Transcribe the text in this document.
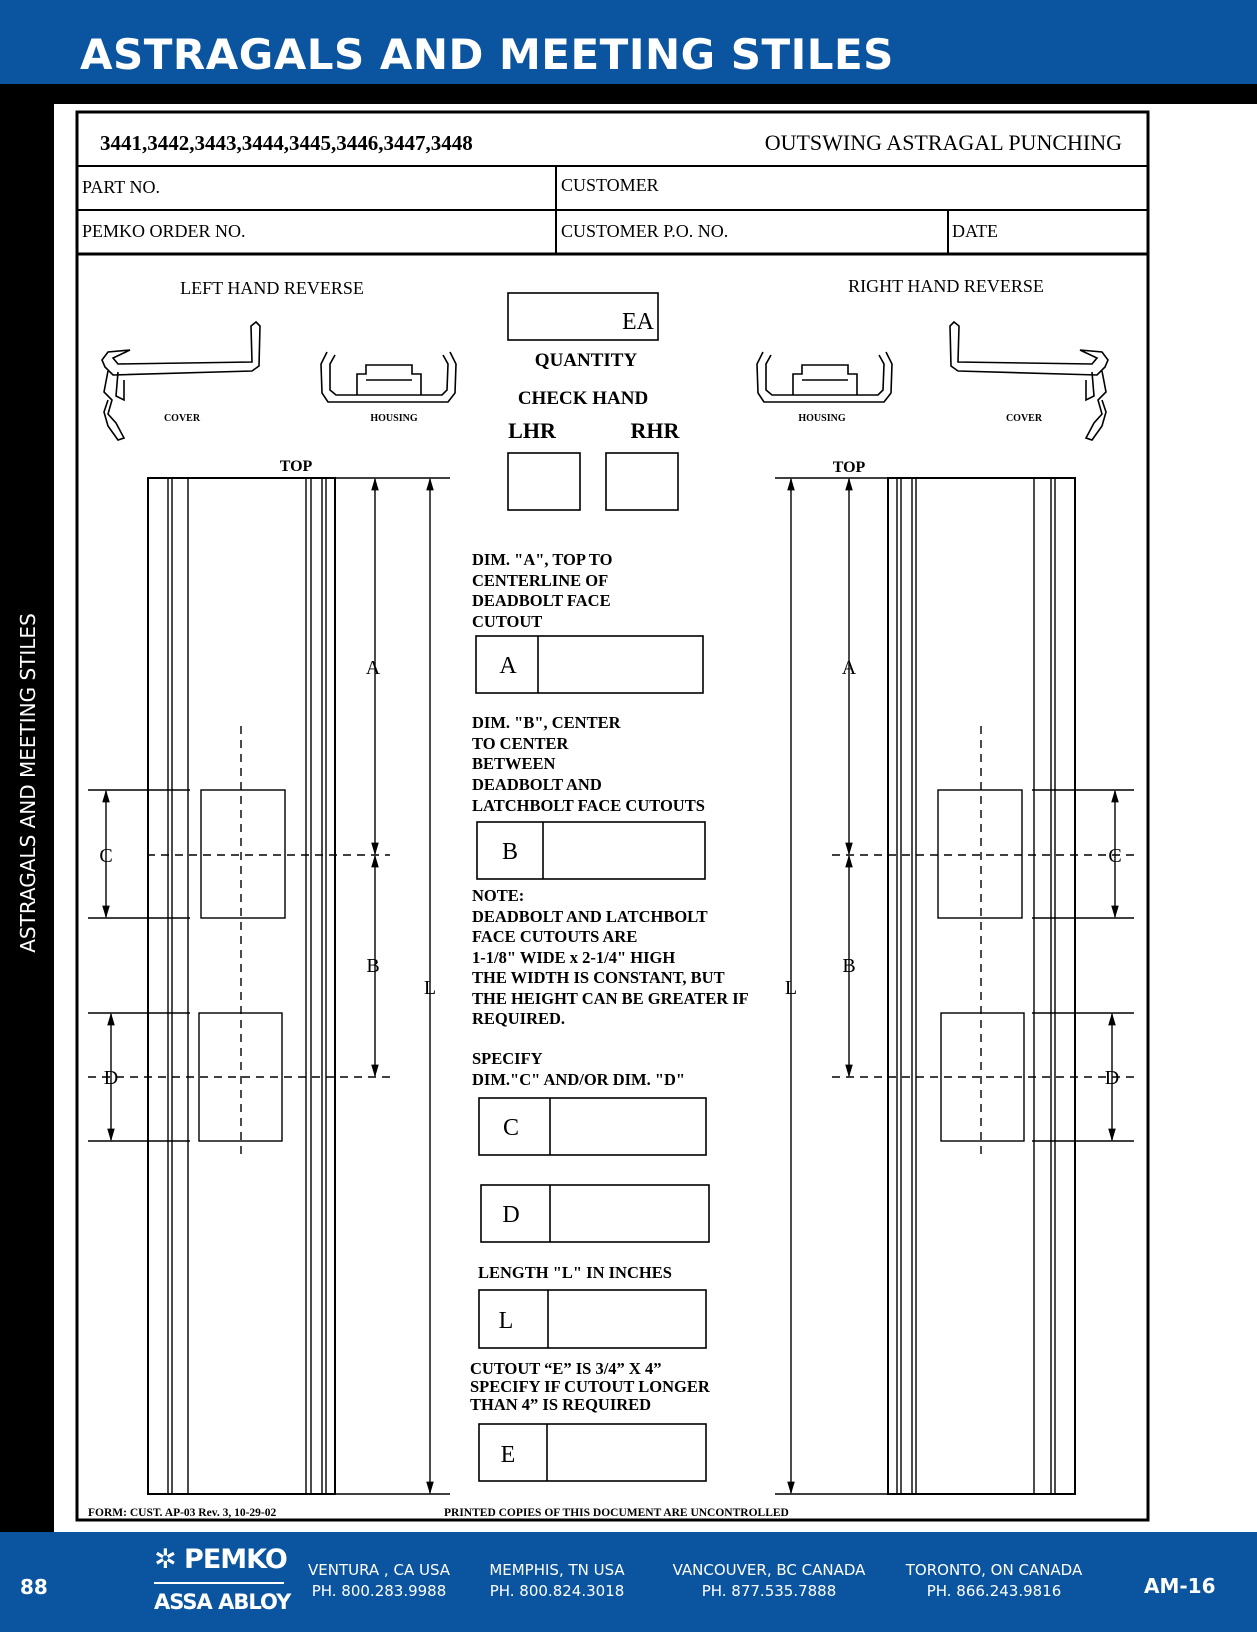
ASTRAGALS AND MEETING STILES
ASTRAGALS AND MEETING STILES
3441,3442,3443,3444,3445,3446,3447,3448	OUTSWING ASTRAGAL PUNCHING
PART NO.	CUSTOMER
PEMKO ORDER NO.	CUSTOMER P.O. NO.	DATE
LEFT HAND REVERSE	RIGHT HAND REVERSE
COVER	HOUSING	HOUSING	COVER
EA
QUANTITY
CHECK HAND
LHR	RHR
TOP
A
B
C
D
L
TOP
A
B
C
D
L
DIM. "A", TOP TO
CENTERLINE OF
DEADBOLT FACE
CUTOUT
A
DIM. "B", CENTER
TO CENTER
BETWEEN
DEADBOLT AND
LATCHBOLT FACE CUTOUTS
B
NOTE:
DEADBOLT AND LATCHBOLT
FACE CUTOUTS ARE
1-1/8" WIDE x 2-1/4" HIGH
THE WIDTH IS CONSTANT, BUT
THE HEIGHT CAN BE GREATER IF
REQUIRED.
SPECIFY
DIM."C" AND/OR DIM. "D"
C
D
LENGTH "L" IN INCHES
L
CUTOUT “E” IS 3/4” X 4”
SPECIFY IF CUTOUT LONGER
THAN 4” IS REQUIRED
E
FORM: CUST. AP-03 Rev. 3, 10-29-02	PRINTED COPIES OF THIS DOCUMENT ARE UNCONTROLLED
88
✲ PEMKO
ASSA ABLOY
VENTURA , CA USA
PH. 800.283.9988
MEMPHIS, TN USA
PH. 800.824.3018
VANCOUVER, BC CANADA
PH. 877.535.7888
TORONTO, ON CANADA
PH. 866.243.9816	AM-16
